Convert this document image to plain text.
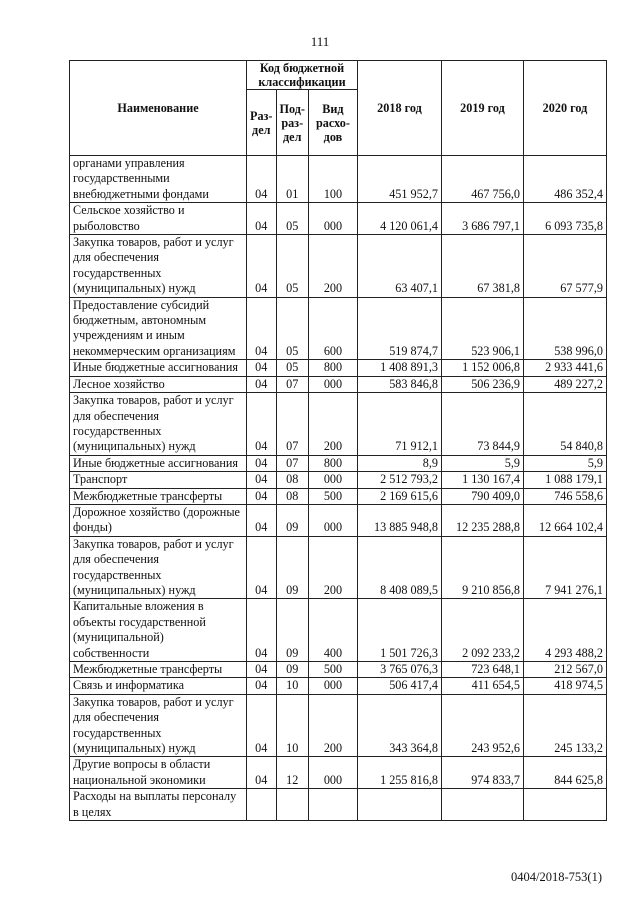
111
Наименование	Код бюджетной классификации			2018 год	2019 год	2020 год
	Раз-дел	Под-раз-дел	Вид расхо-дов			
органами управления государственными внебюджетными фондами	04	01	100	451 952,7	467 756,0	486 352,4
Сельское хозяйство и рыболовство	04	05	000	4 120 061,4	3 686 797,1	6 093 735,8
Закупка товаров, работ и услуг для обеспечения государственных (муниципальных) нужд	04	05	200	63 407,1	67 381,8	67 577,9
Предоставление субсидий бюджетным, автономным учреждениям и иным некоммерческим организациям	04	05	600	519 874,7	523 906,1	538 996,0
Иные бюджетные ассигнования	04	05	800	1 408 891,3	1 152 006,8	2 933 441,6
Лесное хозяйство	04	07	000	583 846,8	506 236,9	489 227,2
Закупка товаров, работ и услуг для обеспечения государственных (муниципальных) нужд	04	07	200	71 912,1	73 844,9	54 840,8
Иные бюджетные ассигнования	04	07	800	8,9	5,9	5,9
Транспорт	04	08	000	2 512 793,2	1 130 167,4	1 088 179,1
Межбюджетные трансферты	04	08	500	2 169 615,6	790 409,0	746 558,6
Дорожное хозяйство (дорожные фонды)	04	09	000	13 885 948,8	12 235 288,8	12 664 102,4
Закупка товаров, работ и услуг для обеспечения государственных (муниципальных) нужд	04	09	200	8 408 089,5	9 210 856,8	7 941 276,1
Капитальные вложения в объекты государственной (муниципальной) собственности	04	09	400	1 501 726,3	2 092 233,2	4 293 488,2
Межбюджетные трансферты	04	09	500	3 765 076,3	723 648,1	212 567,0
Связь и информатика	04	10	000	506 417,4	411 654,5	418 974,5
Закупка товаров, работ и услуг для обеспечения государственных (муниципальных) нужд	04	10	200	343 364,8	243 952,6	245 133,2
Другие вопросы в области национальной экономики	04	12	000	1 255 816,8	974 833,7	844 625,8
Расходы на выплаты персоналу в целях						
0404/2018-753(1)
